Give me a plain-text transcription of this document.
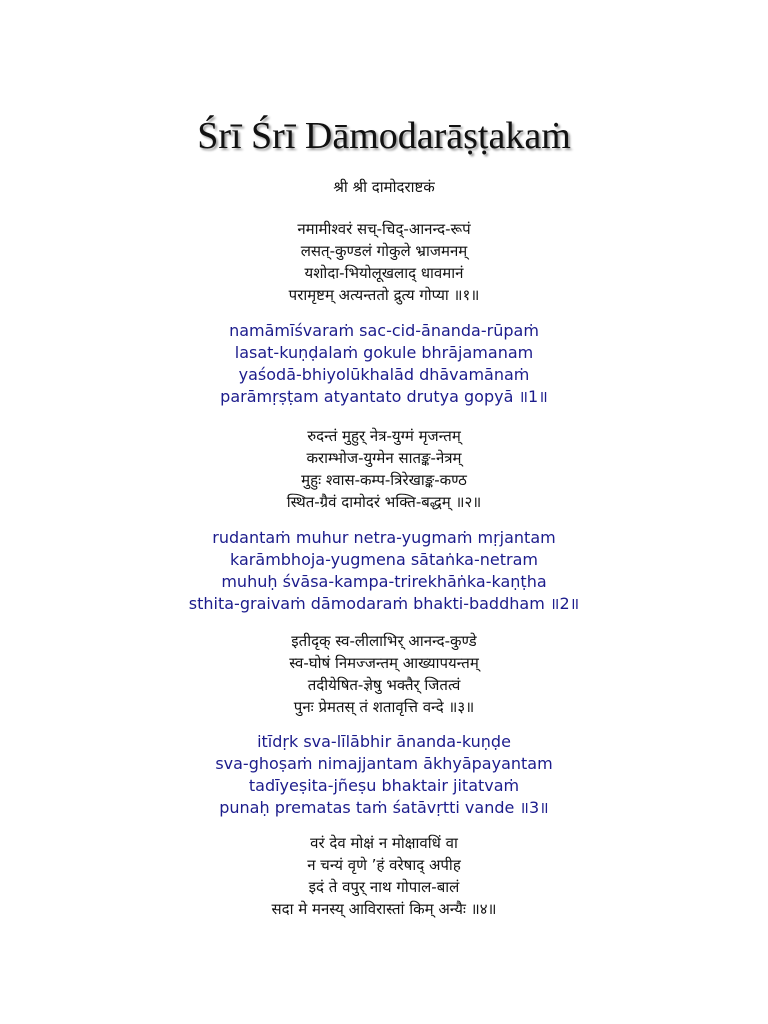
Śrī Śrī Dāmodarāṣṭakaṁ
श्री श्री दामोदराष्टकं
नमामीश्वरं सच्-चिद्-आनन्द-रूपं
लसत्-कुण्डलं गोकुले भ्राजमनम्
यशोदा-भियोलूखलाद् धावमानं
परामृष्टम् अत्यन्ततो द्रुत्य गोप्या ॥१॥
namāmīśvaraṁ sac-cid-ānanda-rūpaṁ
lasat-kuṇḍalaṁ gokule bhrājamanam
yaśodā-bhiyolūkhalād dhāvamānaṁ
parāmṛṣṭam atyantato drutya gopyā ॥1॥
रुदन्तं मुहुर् नेत्र-युग्मं मृजन्तम्
कराम्भोज-युग्मेन सातङ्क-नेत्रम्
मुहुः श्वास-कम्प-त्रिरेखाङ्क-कण्ठ
स्थित-ग्रैवं दामोदरं भक्ति-बद्धम् ॥२॥
rudantaṁ muhur netra-yugmaṁ mṛjantam
karāmbhoja-yugmena sātaṅka-netram
muhuḥ śvāsa-kampa-trirekhāṅka-kaṇṭha
sthita-graivaṁ dāmodaraṁ bhakti-baddham ॥2॥
इतीदृक् स्व-लीलाभिर् आनन्द-कुण्डे
स्व-घोषं निमज्जन्तम् आख्यापयन्तम्
तदीयेषित-ज्ञेषु भक्तैर् जितत्वं
पुनः प्रेमतस् तं शतावृत्ति वन्दे ॥३॥
itīdṛk sva-līlābhir ānanda-kuṇḍe
sva-ghoṣaṁ nimajjantam ākhyāpayantam
tadīyeṣita-jñeṣu bhaktair jitatvaṁ
punaḥ prematas taṁ śatāvṛtti vande ॥3॥
वरं देव मोक्षं न मोक्षावधिं वा
न चन्यं वृणे ’हं वरेषाद् अपीह
इदं ते वपुर् नाथ गोपाल-बालं
सदा मे मनस्य् आविरास्तां किम् अन्यैः ॥४॥
